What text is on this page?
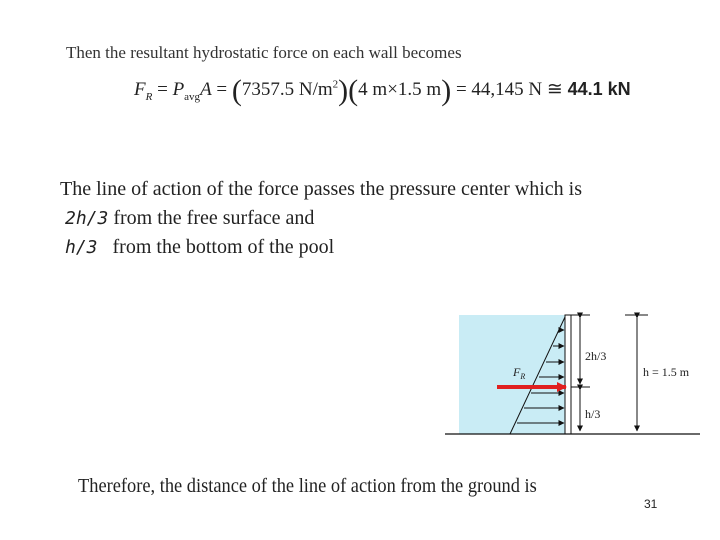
Then the resultant hydrostatic force on each wall becomes
$F_R = P_{avg}A = (7357.5$ $N/m^2)(4$ m×1.5 m) = 44,145 N ≅ 44.1 kN
The line of action of the force passes the pressure center which is
2ℎ/3 from the free surface and
ℎ/3 from the bottom of the pool
$F_R$
2h/3
h/3
h = 1.5 m
Therefore, the distance of the line of action from the ground is
31
